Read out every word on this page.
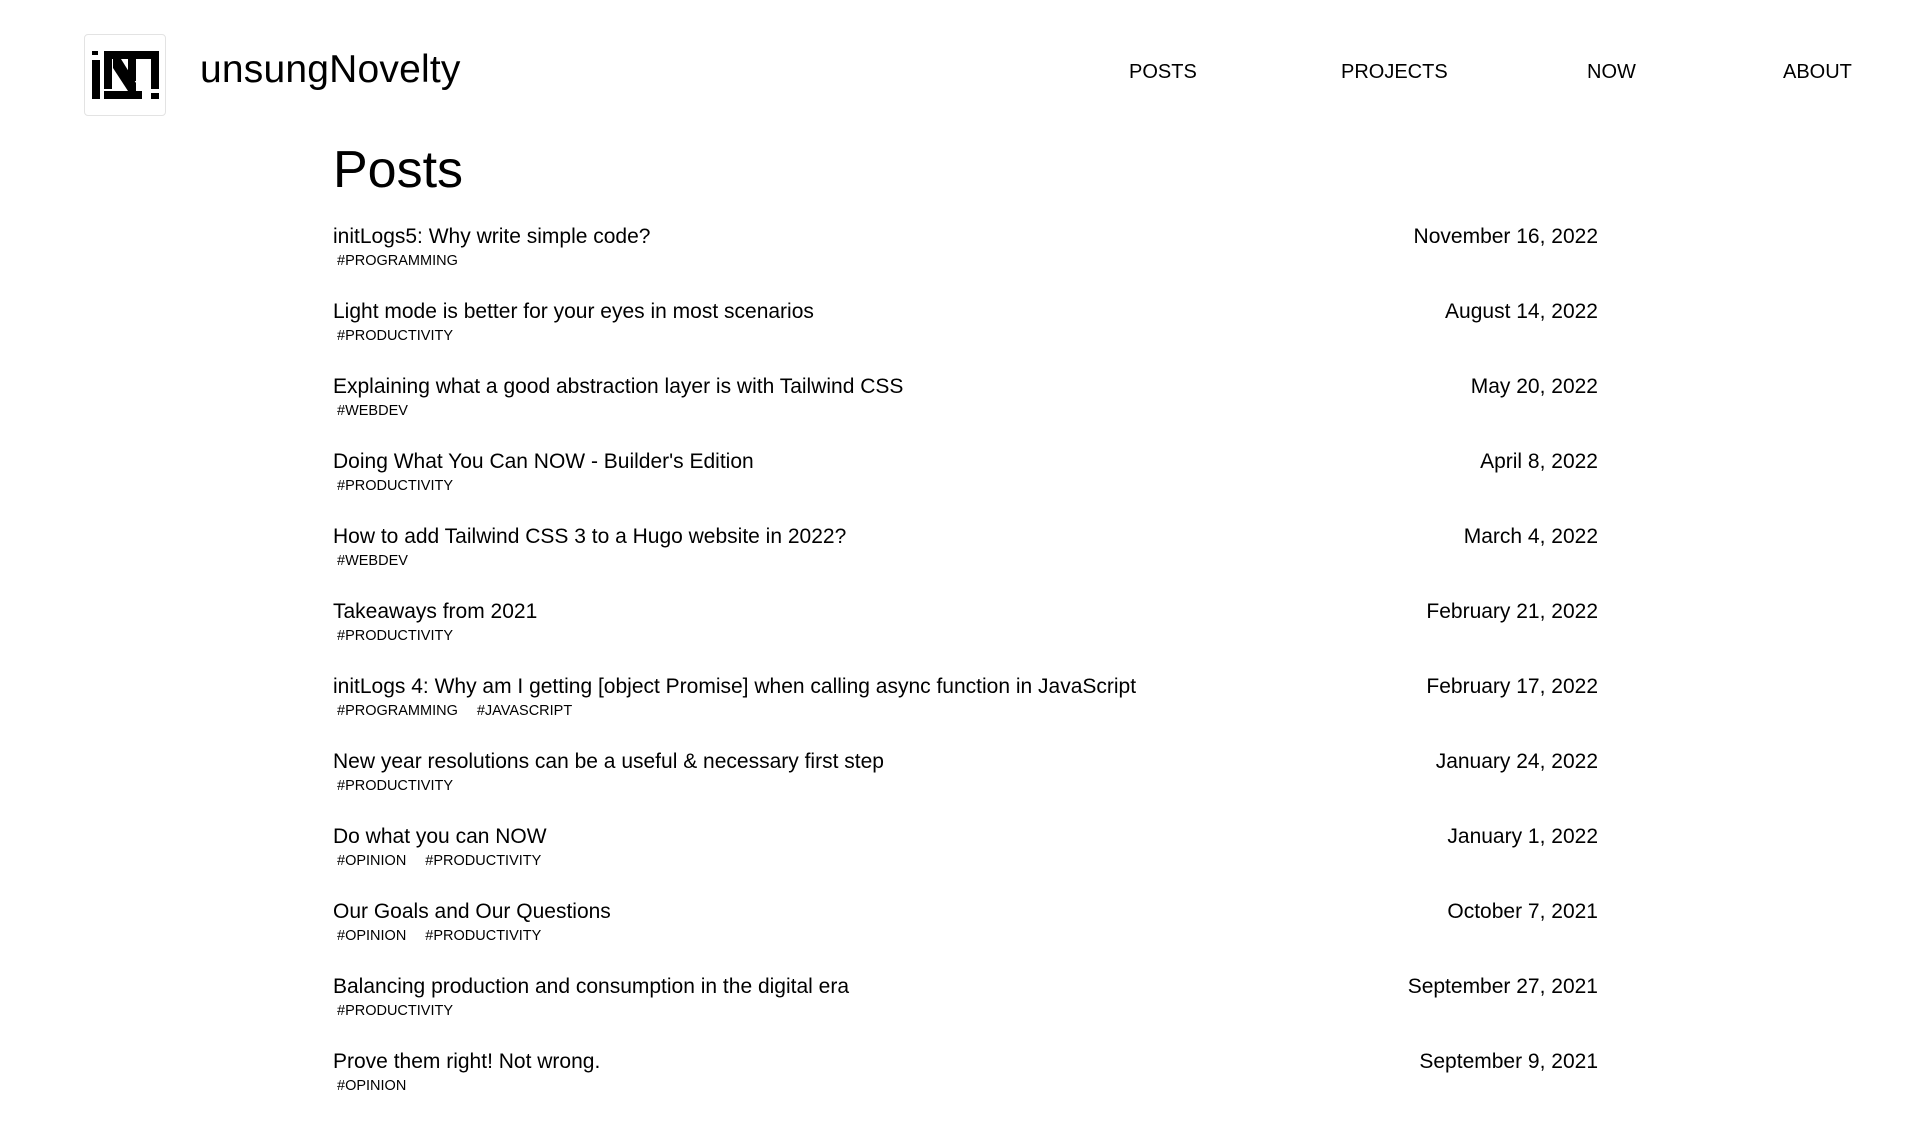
unsungNovelty	POSTS	PROJECTS	NOW	ABOUT
Posts
initLogs5: Why write simple code?	November 16, 2022
#PROGRAMMING
Light mode is better for your eyes in most scenarios	August 14, 2022
#PRODUCTIVITY
Explaining what a good abstraction layer is with Tailwind CSS	May 20, 2022
#WEBDEV
Doing What You Can NOW - Builder's Edition	April 8, 2022
#PRODUCTIVITY
How to add Tailwind CSS 3 to a Hugo website in 2022?	March 4, 2022
#WEBDEV
Takeaways from 2021	February 21, 2022
#PRODUCTIVITY
initLogs 4: Why am I getting [object Promise] when calling async function in JavaScript	February 17, 2022
#PROGRAMMING #JAVASCRIPT
New year resolutions can be a useful & necessary first step	January 24, 2022
#PRODUCTIVITY
Do what you can NOW	January 1, 2022
#OPINION #PRODUCTIVITY
Our Goals and Our Questions	October 7, 2021
#OPINION #PRODUCTIVITY
Balancing production and consumption in the digital era	September 27, 2021
#PRODUCTIVITY
Prove them right! Not wrong.	September 9, 2021
#OPINION
